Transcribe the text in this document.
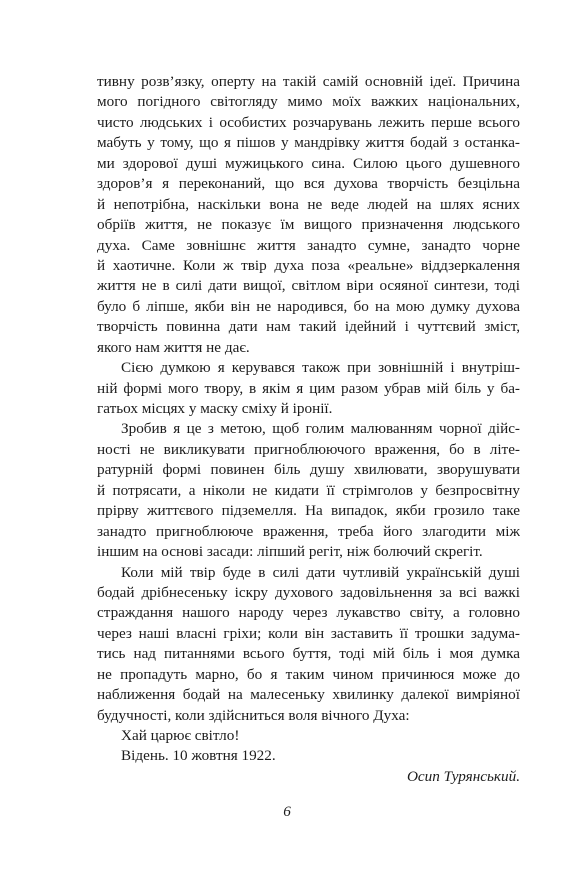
тивну розв’язку, оперту на такій самій основній ідеї. Причина
мого погідного світогляду мимо моїх важких національних,
чисто людських і особистих розчарувань лежить перше всього
мабуть у тому, що я пішов у мандрівку життя бодай з останка-
ми здорової душі мужицького сина. Силою цього душевного
здоров’я я переконаний, що вся духова творчість безцільна
й непотрібна, наскільки вона не веде людей на шлях ясних
обріїв життя, не показує їм вищого призначення людського
духа. Саме зовнішнє життя занадто сумне, занадто чорне
й хаотичне. Коли ж твір духа поза «реальне» віддзеркалення
життя не в силі дати вищої, світлом віри осяяної синтези, тоді
було б ліпше, якби він не народився, бо на мою думку духова
творчість повинна дати нам такий ідейний і чуттєвий зміст,
якого нам життя не дає.
Сією думкою я керувався також при зовнішній і внутріш-
ній формі мого твору, в якім я цим разом убрав мій біль у ба-
гатьох місцях у маску сміху й іронії.
Зробив я це з метою, щоб голим малюванням чорної дійс-
ності не викликувати пригноблюючого враження, бо в літе-
ратурній формі повинен біль душу хвилювати, зворушувати
й потрясати, а ніколи не кидати її стрімголов у безпросвітну
прірву життєвого підземелля. На випадок, якби грозило таке
занадто пригноблююче враження, треба його злагодити між
іншим на основі засади: ліпший регіт, ніж болючий скрегіт.
Коли мій твір буде в силі дати чутливій українській душі
бодай дрібнесеньку іскру духового задовільнення за всі важкі
страждання нашого народу через лукавство світу, а головно
через наші власні гріхи; коли він заставить її трошки задума-
тись над питаннями всього буття, тоді мій біль і моя думка
не пропадуть марно, бо я таким чином причинюся може до
наближення бодай на малесеньку хвилинку далекої вимріяної
будучності, коли здійсниться воля вічного Духа:
Хай царює світло!
Відень. 10 жовтня 1922.
Осип Турянський.
6
